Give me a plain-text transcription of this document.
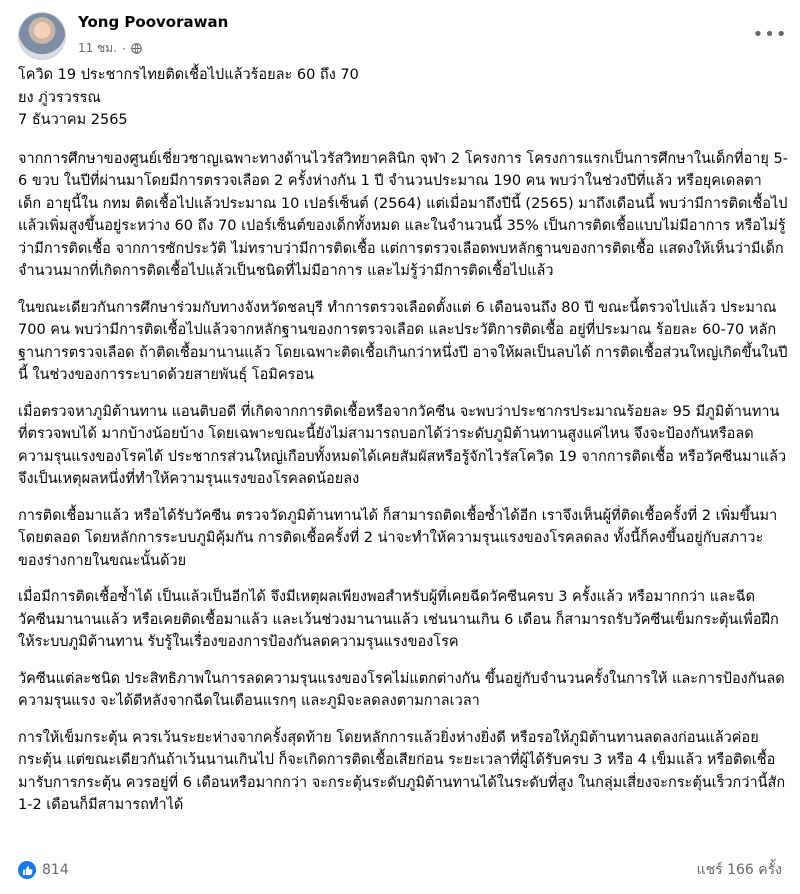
Yong Poovorawan
11 ชม. ·
•••

โควิด 19 ประชากรไทยติดเชื้อไปแล้วร้อยละ 60 ถึง 70

ยง ภู่วรวรรณ

7 ธันวาคม 2565

จากการศึกษาของศูนย์เชี่ยวชาญเฉพาะทางด้านไวรัสวิทยาคลินิก จุฬา 2 โครงการ โครงการแรกเป็นการศึกษาในเด็กที่อายุ 5-6 ขวบ ในปีที่ผ่านมาโดยมีการตรวจเลือด 2 ครั้งห่างกัน 1 ปี จำนวนประมาณ 190 คน พบว่าในช่วงปีที่แล้ว หรือยุคเดลตา เด็ก อายุนี้ใน กทม ติดเชื้อไปแล้วประมาณ 10 เปอร์เซ็นต์ (2564) แต่เมื่อมาถึงปีนี้ (2565) มาถึงเดือนนี้ พบว่ามีการติดเชื้อไปแล้วเพิ่มสูงขึ้นอยู่ระหว่าง 60 ถึง 70 เปอร์เซ็นต์ของเด็กทั้งหมด และในจำนวนนี้ 35% เป็นการติดเชื้อแบบไม่มีอาการ หรือไม่รู้ว่ามีการติดเชื้อ จากการซักประวัติ ไม่ทราบว่ามีการติดเชื้อ แต่การตรวจเลือดพบหลักฐานของการติดเชื้อ แสดงให้เห็นว่ามีเด็กจำนวนมากที่เกิดการติดเชื้อไปแล้วเป็นชนิดที่ไม่มีอาการ และไม่รู้ว่ามีการติดเชื้อไปแล้ว

ในขณะเดียวกันการศึกษาร่วมกับทางจังหวัดชลบุรี ทำการตรวจเลือดตั้งแต่ 6 เดือนจนถึง 80 ปี ขณะนี้ตรวจไปแล้ว ประมาณ 700 คน พบว่ามีการติดเชื้อไปแล้วจากหลักฐานของการตรวจเลือด และประวัติการติดเชื้อ อยู่ที่ประมาณ ร้อยละ 60-70 หลักฐานการตรวจเลือด ถ้าติดเชื้อมานานแล้ว โดยเฉพาะติดเชื้อเกินกว่าหนึ่งปี อาจให้ผลเป็นลบได้ การติดเชื้อส่วนใหญ่เกิดขึ้นในปีนี้ ในช่วงของการระบาดด้วยสายพันธุ์ โอมิครอน

เมื่อตรวจหาภูมิต้านทาน แอนติบอดี ที่เกิดจากการติดเชื้อหรือจากวัคซีน จะพบว่าประชากรประมาณร้อยละ 95 มีภูมิต้านทานที่ตรวจพบได้ มากบ้างน้อยบ้าง โดยเฉพาะขณะนี้ยังไม่สามารถบอกได้ว่าระดับภูมิต้านทานสูงแค่ไหน จึงจะป้องกันหรือลดความรุนแรงของโรคได้ ประชากรส่วนใหญ่เกือบทั้งหมดได้เคยสัมผัสหรือรู้จักไวรัสโควิด 19 จากการติดเชื้อ หรือวัคซีนมาแล้ว จึงเป็นเหตุผลหนึ่งที่ทำให้ความรุนแรงของโรคลดน้อยลง

การติดเชื้อมาแล้ว หรือได้รับวัคซีน ตรวจวัดภูมิต้านทานได้ ก็สามารถติดเชื้อซ้ำได้อีก เราจึงเห็นผู้ที่ติดเชื้อครั้งที่ 2 เพิ่มขึ้นมาโดยตลอด โดยหลักการระบบภูมิคุ้มกัน การติดเชื้อครั้งที่ 2 น่าจะทำให้ความรุนแรงของโรคลดลง ทั้งนี้ก็คงขึ้นอยู่กับสภาวะของร่างกายในขณะนั้นด้วย

เมื่อมีการติดเชื้อซ้ำได้ เป็นแล้วเป็นอีกได้ จึงมีเหตุผลเพียงพอสำหรับผู้ที่เคยฉีดวัคซีนครบ 3 ครั้งแล้ว หรือมากกว่า และฉีดวัคซีนมานานแล้ว หรือเคยติดเชื้อมาแล้ว และเว้นช่วงมานานแล้ว เช่นนานเกิน 6 เดือน ก็สามารถรับวัคซีนเข็มกระตุ้นเพื่อฝึกให้ระบบภูมิต้านทาน รับรู้ในเรื่องของการป้องกันลดความรุนแรงของโรค

วัคซีนแต่ละชนิด ประสิทธิภาพในการลดความรุนแรงของโรคไม่แตกต่างกัน ขึ้นอยู่กับจำนวนครั้งในการให้ และการป้องกันลดความรุนแรง จะได้ดีหลังจากฉีดในเดือนแรกๆ และภูมิจะลดลงตามกาลเวลา

การให้เข็มกระตุ้น ควรเว้นระยะห่างจากครั้งสุดท้าย โดยหลักการแล้วยิ่งห่างยิ่งดี หรือรอให้ภูมิต้านทานลดลงก่อนแล้วค่อยกระตุ้น แต่ขณะเดียวกันถ้าเว้นนานเกินไป ก็จะเกิดการติดเชื้อเสียก่อน ระยะเวลาที่ผู้ได้รับครบ 3 หรือ 4 เข็มแล้ว หรือติดเชื้อ มารับการกระตุ้น ควรอยู่ที่ 6 เดือนหรือมากกว่า จะกระตุ้นระดับภูมิต้านทานได้ในระดับที่สูง ในกลุ่มเสี่ยงจะกระตุ้นเร็วกว่านี้สัก 1-2 เดือนก็มีสามารถทำได้

814	แชร์ 166 ครั้ง
